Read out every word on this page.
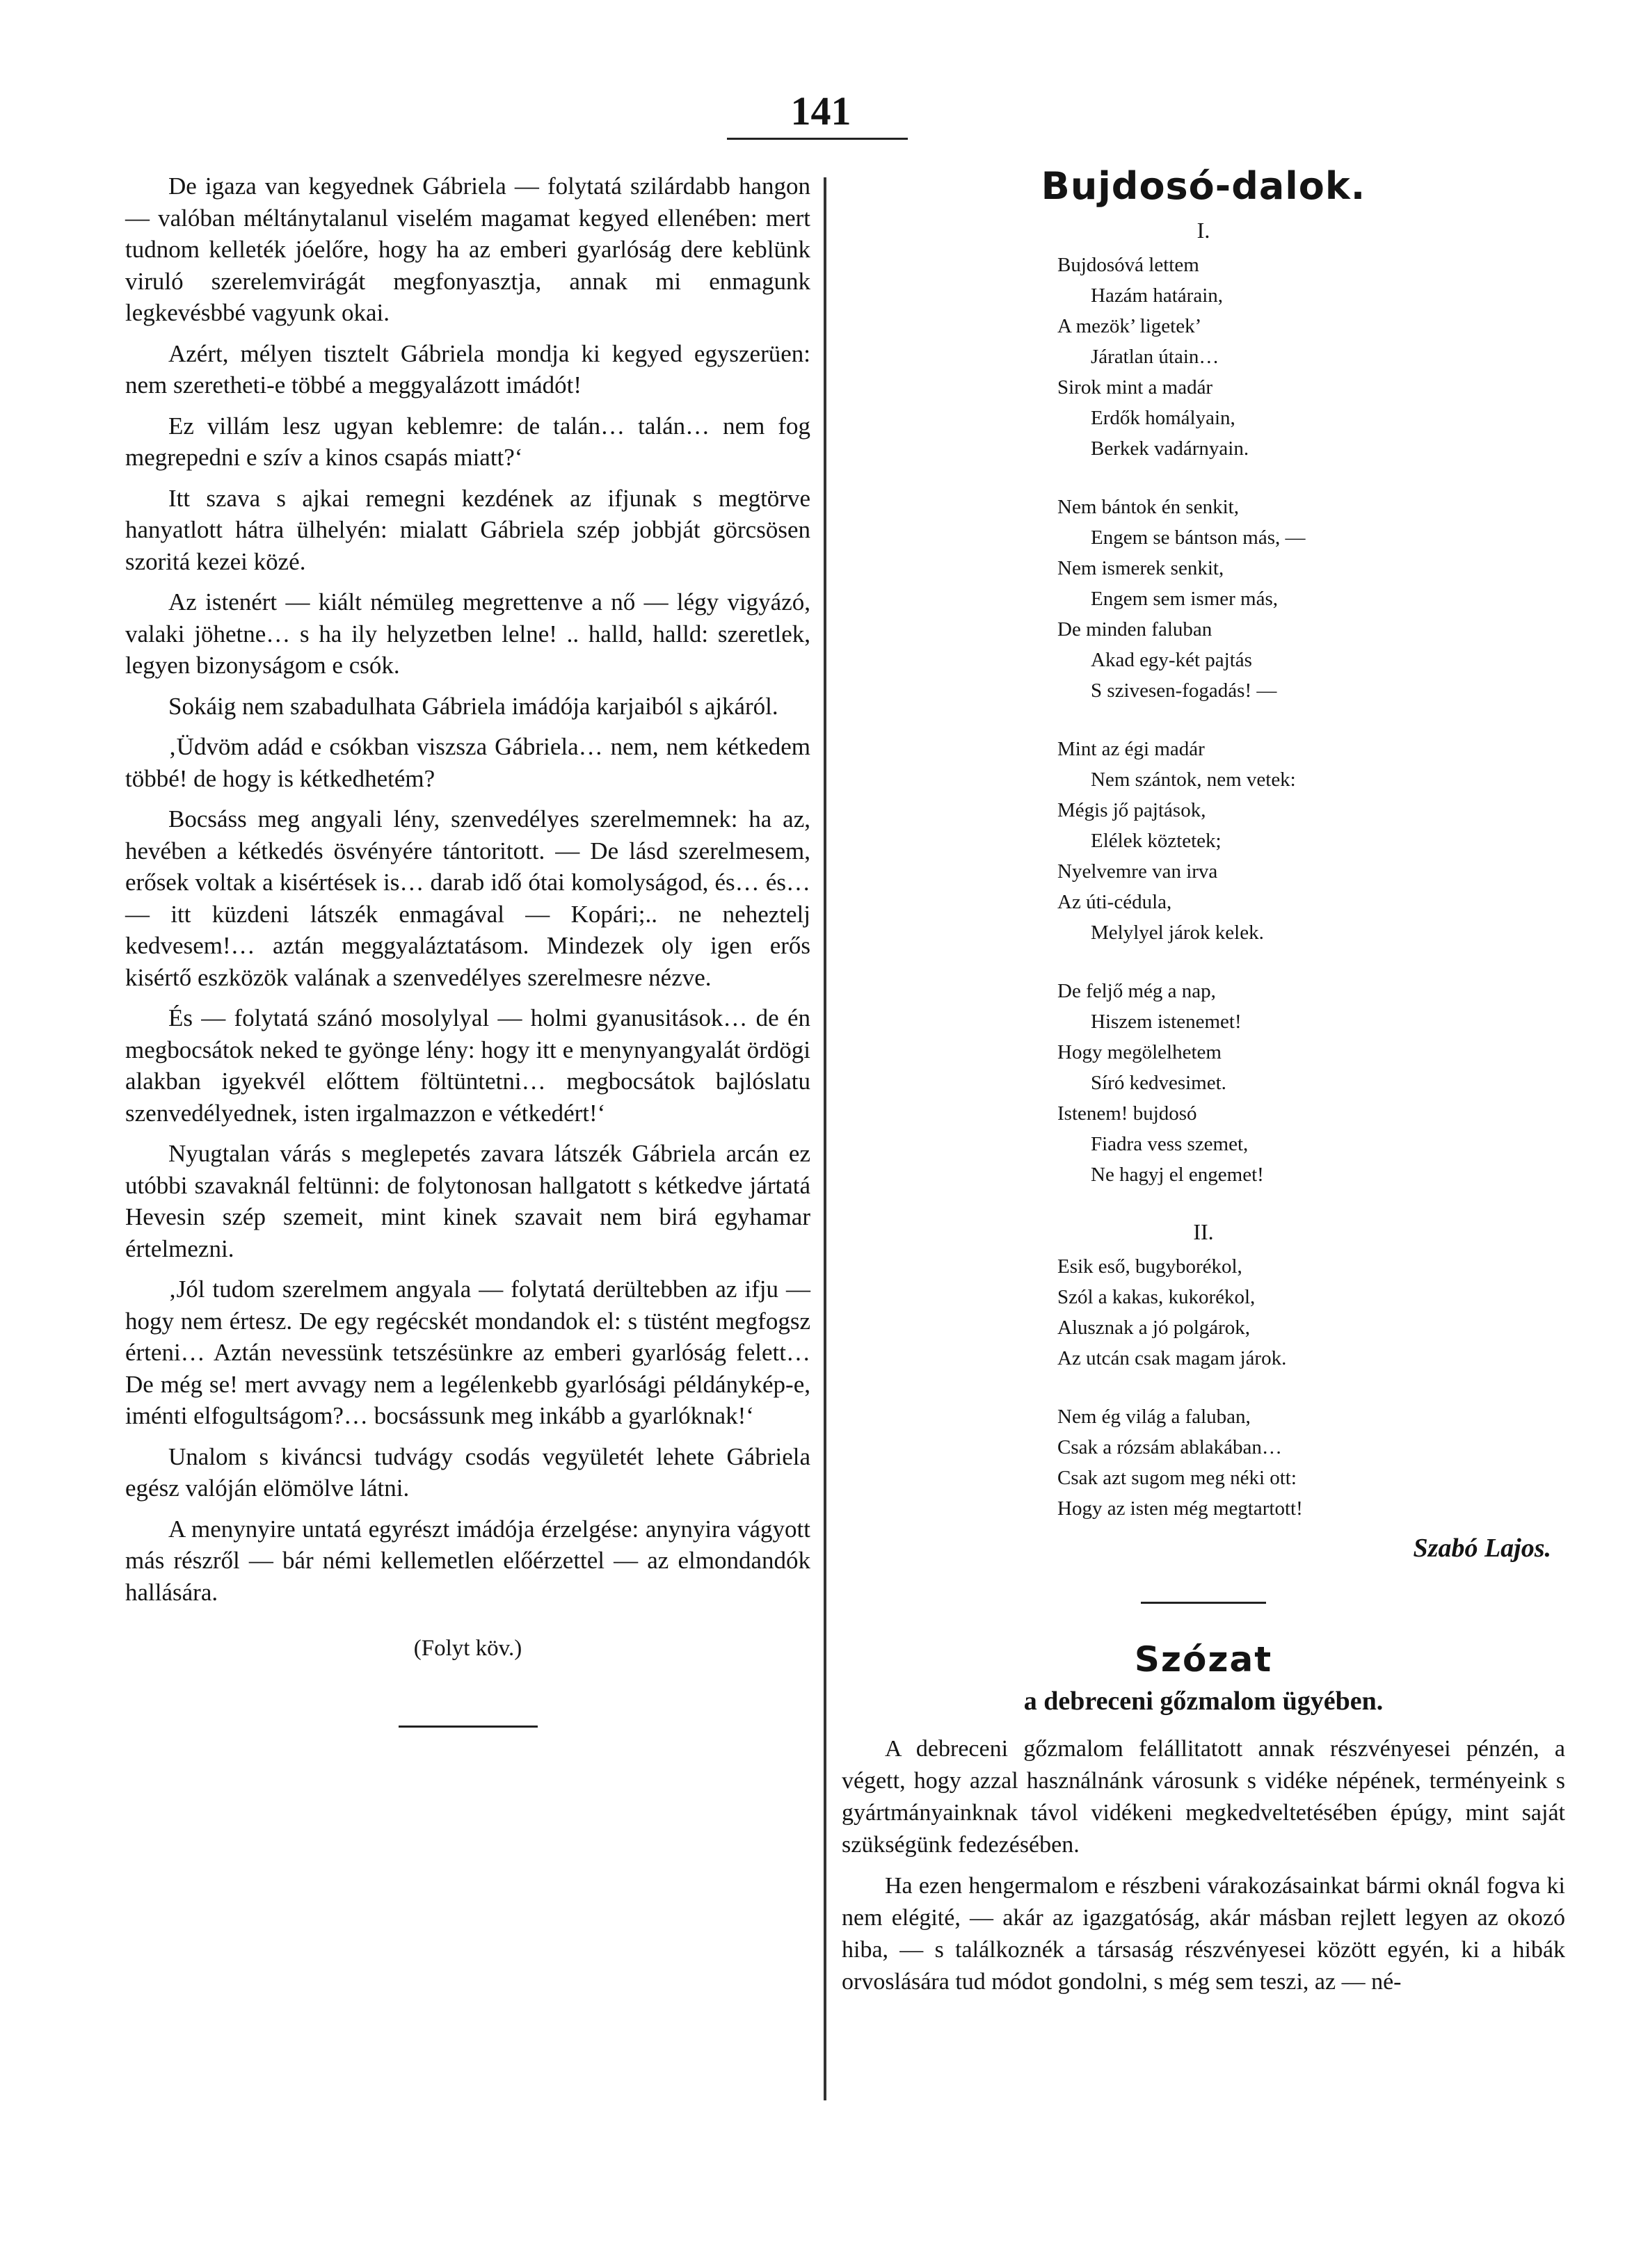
141

De igaza van kegyednek Gábriela — folytatá szilárdabb hangon — valóban méltánytalanul viselém magamat kegyed ellenében: mert tudnom kelleték jóelőre, hogy ha az emberi gyarlóság dere keblünk viruló szerelemvirágát megfonyasztja, annak mi enmagunk legkevésbbé vagyunk okai.

Azért, mélyen tisztelt Gábriela mondja ki kegyed egyszerüen: nem szeretheti-e többé a meggyalázott imádót!

Ez villám lesz ugyan keblemre: de talán… talán… nem fog megrepedni e szív a kinos csapás miatt?‘

Itt szava s ajkai remegni kezdének az ifjunak s megtörve hanyatlott hátra ülhelyén: mialatt Gábriela szép jobbját görcsösen szoritá kezei közé.

Az istenért — kiált némüleg megrettenve a nő — légy vigyázó, valaki jöhetne… s ha ily helyzetben lelne! .. halld, halld: szeretlek, legyen bizonyságom e csók.

Sokáig nem szabadulhata Gábriela imádója karjaiból s ajkáról.

‚Üdvöm adád e csókban viszsza Gábriela… nem, nem kétkedem többé! de hogy is kétkedhetém?

Bocsáss meg angyali lény, szenvedélyes szerelmemnek: ha az, hevében a kétkedés ösvényére tántoritott. — De lásd szerelmesem, erősek voltak a kisértések is… darab idő ótai komolyságod, és… és… — itt küzdeni látszék enmagával — Kopári;.. ne neheztelj kedvesem!… aztán meggyaláztatásom. Mindezek oly igen erős kisértő eszközök valának a szenvedélyes szerelmesre nézve.

És — folytatá szánó mosolylyal — holmi gyanusitások… de én megbocsátok neked te gyönge lény: hogy itt e menynyangyalát ördögi alakban igyekvél előttem föltüntetni… megbocsátok bajlóslatu szenvedélyednek, isten irgalmazzon e vétkedért!‘

Nyugtalan várás s meglepetés zavara látszék Gábriela arcán ez utóbbi szavaknál feltünni: de folytonosan hallgatott s kétkedve jártatá Hevesin szép szemeit, mint kinek szavait nem birá egyhamar értelmezni.

‚Jól tudom szerelmem angyala — folytatá derültebben az ifju — hogy nem értesz. De egy regécskét mondandok el: s tüstént megfogsz érteni… Aztán nevessünk tetszésünkre az emberi gyarlóság felett… De még se! mert avvagy nem a legélenkebb gyarlósági példánykép-e, iménti elfogultságom?… bocsássunk meg inkább a gyarlóknak!‘

Unalom s kiváncsi tudvágy csodás vegyületét lehete Gábriela egész valóján elömölve látni.

A menynyire untatá egyrészt imádója érzelgése: anynyira vágyott más részről — bár némi kellemetlen előérzettel — az elmondandók hallására.

(Folyt köv.)
Bujdosó-dalok.
I.
Bujdosóvá lettem
Hazám határain,
A mezök’ ligetek’
Járatlan útain…
Sirok mint a madár
Erdők homályain,
Berkek vadárnyain.
Nem bántok én senkit,
Engem se bántson más, —
Nem ismerek senkit,
Engem sem ismer más,
De minden faluban
Akad egy-két pajtás
S szivesen-fogadás! —
Mint az égi madár
Nem szántok, nem vetek:
Mégis jő pajtások,
Elélek köztetek;
Nyelvemre van irva
Az úti-cédula,
Melylyel járok kelek.
De feljő még a nap,
Hiszem istenemet!
Hogy megölelhetem
Síró kedvesimet.
Istenem! bujdosó
Fiadra vess szemet,
Ne hagyj el engemet!
II.
Esik eső, bugyborékol,
Szól a kakas, kukorékol,
Alusznak a jó polgárok,
Az utcán csak magam járok.
Nem ég világ a faluban,
Csak a rózsám ablakában…
Csak azt sugom meg néki ott:
Hogy az isten még megtartott!
Szabó Lajos.
Szózat
a debreceni gőzmalom ügyében.

A debreceni gőzmalom felállitatott annak részvényesei pénzén, a végett, hogy azzal használnánk városunk s vidéke népének, terményeink s gyártmányainknak távol vidékeni megkedveltetésében épúgy, mint saját szükségünk fedezésében.

Ha ezen hengermalom e részbeni várakozásainkat bármi oknál fogva ki nem elégité, — akár az igazgatóság, akár másban rejlett legyen az okozó hiba, — s találkoznék a társaság részvényesei között egyén, ki a hibák orvoslására tud módot gondolni, s még sem teszi, az — né-
